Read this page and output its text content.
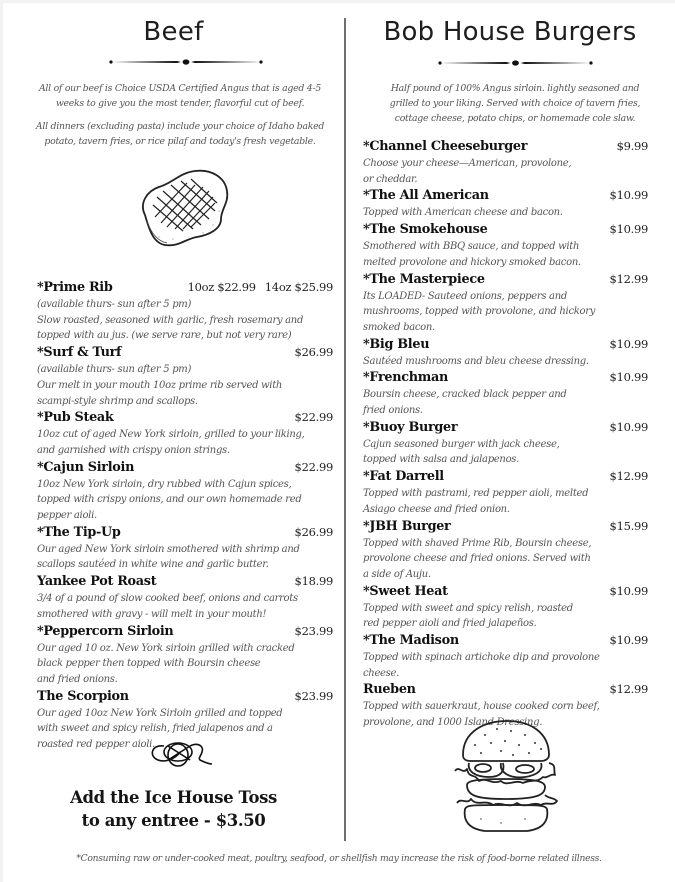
Beef
All of our beef is Choice USDA Certified Angus that is aged 4-5
weeks to give you the most tender, flavorful cut of beef.
All dinners (excluding pasta) include your choice of Idaho baked
potato, tavern fries, or rice pilaf and today's fresh vegetable.
*Prime Rib	10oz $22.99 14oz $25.99
(available thurs- sun after 5 pm)
Slow roasted, seasoned with garlic, fresh rosemary and
topped with au jus. (we serve rare, but not very rare)
*Surf & Turf	$26.99
(available thurs- sun after 5 pm)
Our melt in your mouth 10oz prime rib served with
scampi-style shrimp and scallops.
*Pub Steak	$22.99
10oz cut of aged New York sirloin, grilled to your liking,
and garnished with crispy onion strings.
*Cajun Sirloin	$22.99
10oz New York sirloin, dry rubbed with Cajun spices,
topped with crispy onions, and our own homemade red
pepper aioli.
*The Tip-Up	$26.99
Our aged New York sirloin smothered with shrimp and
scallops sautéed in white wine and garlic butter.
Yankee Pot Roast	$18.99
3/4 of a pound of slow cooked beef, onions and carrots
smothered with gravy - will melt in your mouth!
*Peppercorn Sirloin	$23.99
Our aged 10 oz. New York sirloin grilled with cracked
black pepper then topped with Boursin cheese
and fried onions.
The Scorpion	$23.99
Our aged 10oz New York Sirloin grilled and topped
with sweet and spicy relish, fried jalapenos and a
roasted red pepper aioli.
Add the Ice House Toss
to any entree - $3.50
Bob House Burgers
Half pound of 100% Angus sirloin. lightly seasoned and
grilled to your liking. Served with choice of tavern fries,
cottage cheese, potato chips, or homemade cole slaw.
*Channel Cheeseburger	$9.99
Choose your cheese—American, provolone,
or cheddar.
*The All American	$10.99
Topped with American cheese and bacon.
*The Smokehouse	$10.99
Smothered with BBQ sauce, and topped with
melted provolone and hickory smoked bacon.
*The Masterpiece	$12.99
Its LOADED- Sauteed onions, peppers and
mushrooms, topped with provolone, and hickory
smoked bacon.
*Big Bleu	$10.99
Sautéed mushrooms and bleu cheese dressing.
*Frenchman	$10.99
Boursin cheese, cracked black pepper and
fried onions.
*Buoy Burger	$10.99
Cajun seasoned burger with jack cheese,
topped with salsa and jalapenos.
*Fat Darrell	$12.99
Topped with pastrami, red pepper aioli, melted
Asiago cheese and fried onion.
*JBH Burger	$15.99
Topped with shaved Prime Rib, Boursin cheese,
provolone cheese and fried onions. Served with
a side of Auju.
*Sweet Heat	$10.99
Topped with sweet and spicy relish, roasted
red pepper aioli and fried jalapeños.
*The Madison	$10.99
Topped with spinach artichoke dip and provolone
cheese.
Rueben	$12.99
Topped with sauerkraut, house cooked corn beef,
provolone, and 1000 Island Dressing.
*Consuming raw or under-cooked meat, poultry, seafood, or shellfish may increase the risk of food-borne related illness.
